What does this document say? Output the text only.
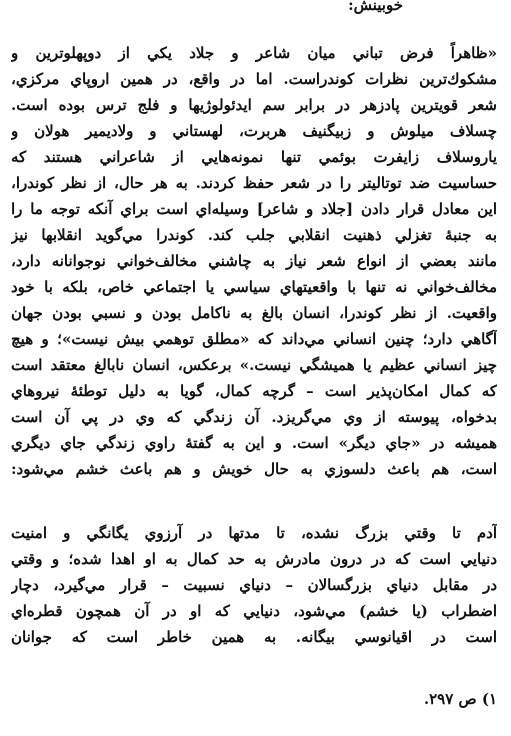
خوبینش:
«ظاهراً فرض تباني ميان شاعر و جلاد يكي از دوپهلوترين و
مشكوك‌ترين نظرات كوندراست. اما در واقع، در همين اروپاي مركزي،
شعر قويترين پادزهر در برابر سم ايدئولوژيها و فلج ترس بوده است.
چسلاف ميلوش و زبيگنيف هربرت، لهستاني و ولاديمير هولان و
ياروسلاف زايفرت بوئمي تنها نمونه‌هايي از شاعراني هستند كه
حساسيت ضد توتاليتر را در شعر حفظ كردند. به هر حال، از نظر كوندرا،
اين معادل قرار دادن [جلاد و شاعر] وسيله‌اي است براي آنكه توجه ما را
به جنبهٔ تغزلي ذهنيت انقلابي جلب كند. كوندرا مي‌گويد انقلابها نيز
مانند بعضي از انواع شعر نياز به چاشني مخالف‌خواني نوجوانانه دارد،
مخالف‌خواني نه تنها با واقعيتهاي سياسي يا اجتماعي خاص، بلكه با خود
واقعيت. از نظر كوندرا، انسان بالغ به ناكامل بودن و نسبي بودن جهان
آگاهي دارد؛ چنين انساني مي‌داند كه «مطلق توهمي بيش نيست»؛ و هيچ
چيز انساني عظيم يا هميشگي نيست.» برعكس، انسان نابالغ معتقد است
كه كمال امكان‌پذير است – گرچه كمال، گويا به دليل توطئهٔ نيروهاي
بدخواه، پيوسته از وي مي‌گريزد. آن زندگي كه وي در پي آن است
هميشه در «جاي ديگر» است. و اين به گفتهٔ راوي زندگي جاي ديگري
است، هم باعث دلسوزي به حال خويش و هم باعث خشم مي‌شود:
آدم تا وقتي بزرگ نشده، تا مدتها در آرزوي يگانگي و امنيت
دنيايي است كه در درون مادرش به حد كمال به او اهدا شده؛ و وقتي
در مقابل دنياي بزرگسالان – دنياي نسبيت – قرار مي‌گيرد، دچار
اضطراب (يا خشم) مي‌شود، دنيايي كه او در آن همچون قطره‌اي
است در اقيانوسي بيگانه. به همين خاطر است كه جوانان
١) ص ٢٩٧.
